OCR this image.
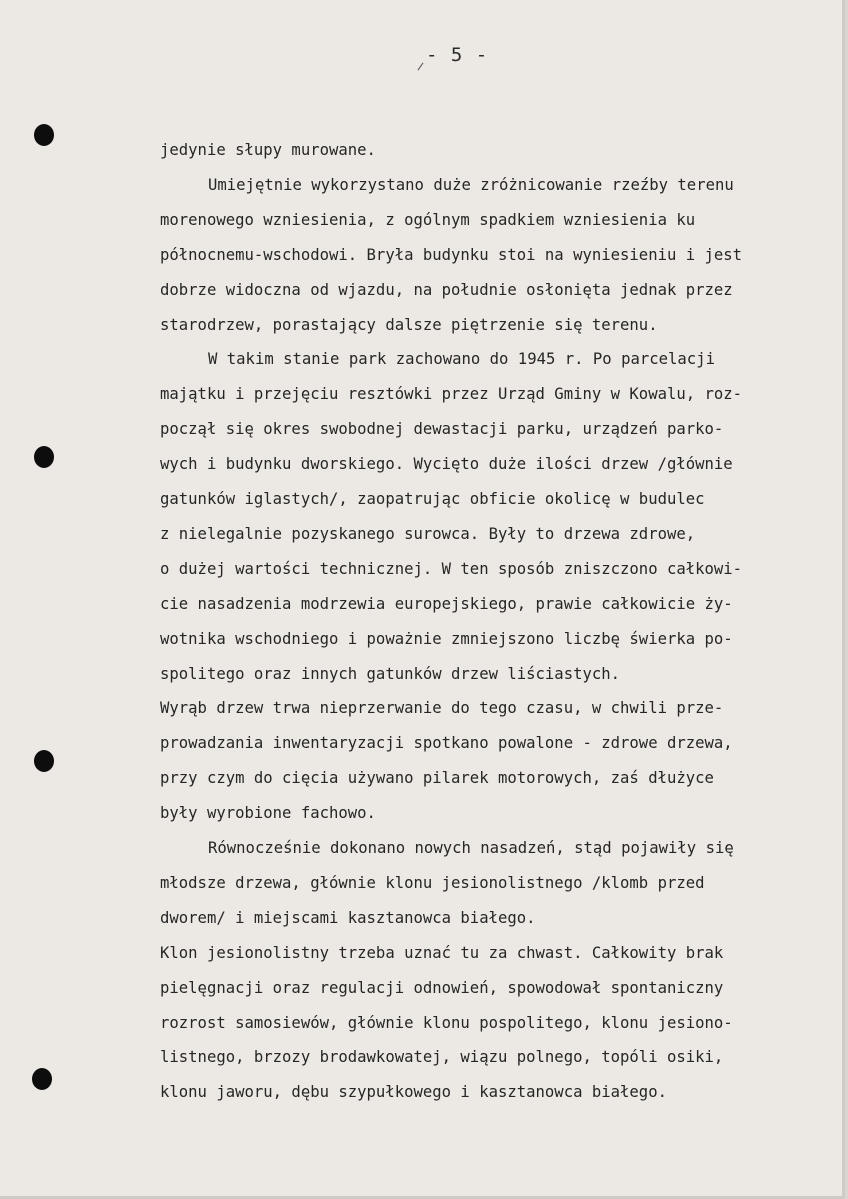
- 5 -
jedynie słupy murowane.
Umiejętnie wykorzystano duże zróżnicowanie rzeźby terenu
morenowego wzniesienia, z ogólnym spadkiem wzniesienia ku
północnemu-wschodowi. Bryła budynku stoi na wyniesieniu i jest
dobrze widoczna od wjazdu, na południe osłonięta jednak przez
starodrzew, porastający dalsze piętrzenie się terenu.
W takim stanie park zachowano do 1945 r. Po parcelacji
majątku i przejęciu resztówki przez Urząd Gminy w Kowalu, roz-
począł się okres swobodnej dewastacji parku, urządzeń parko-
wych i budynku dworskiego. Wycięto duże ilości drzew /głównie
gatunków iglastych/, zaopatrując obficie okolicę w budulec
z nielegalnie pozyskanego surowca. Były to drzewa zdrowe,
o dużej wartości technicznej. W ten sposób zniszczono całkowi-
cie nasadzenia modrzewia europejskiego, prawie całkowicie ży-
wotnika wschodniego i poważnie zmniejszono liczbę świerka po-
spolitego oraz innych gatunków drzew liściastych.
Wyrąb drzew trwa nieprzerwanie do tego czasu, w chwili prze-
prowadzania inwentaryzacji spotkano powalone - zdrowe drzewa,
przy czym do cięcia używano pilarek motorowych, zaś dłużyce
były wyrobione fachowo.
Równocześnie dokonano nowych nasadzeń, stąd pojawiły się
młodsze drzewa, głównie klonu jesionolistnego /klomb przed
dworem/ i miejscami kasztanowca białego.
Klon jesionolistny trzeba uznać tu za chwast. Całkowity brak
pielęgnacji oraz regulacji odnowień, spowodował spontaniczny
rozrost samosiewów, głównie klonu pospolitego, klonu jesiono-
listnego, brzozy brodawkowatej, wiązu polnego, topóli osiki,
klonu jaworu, dębu szypułkowego i kasztanowca białego.
